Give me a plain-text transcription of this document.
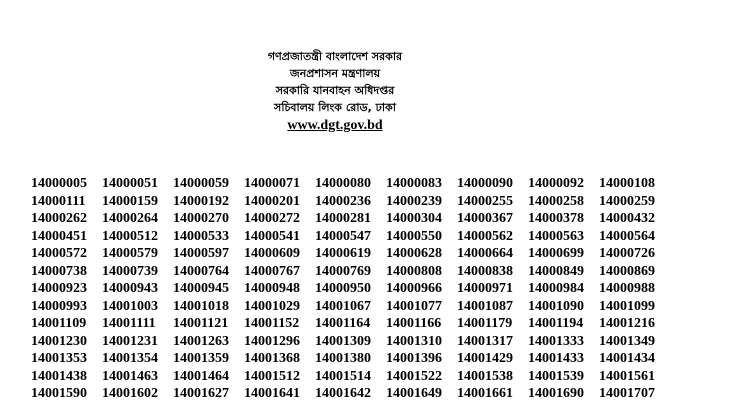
গণপ্রজাতন্ত্রী বাংলাদেশ সরকার
জনপ্রশাসন মন্ত্রণালয়
সরকারি যানবাহন অধিদপ্তর
সচিবালয় লিংক রোড, ঢাকা
www.dgt.gov.bd
14000005	14000051	14000059	14000071	14000080	14000083	14000090	14000092	14000108
14000111	14000159	14000192	14000201	14000236	14000239	14000255	14000258	14000259
14000262	14000264	14000270	14000272	14000281	14000304	14000367	14000378	14000432
14000451	14000512	14000533	14000541	14000547	14000550	14000562	14000563	14000564
14000572	14000579	14000597	14000609	14000619	14000628	14000664	14000699	14000726
14000738	14000739	14000764	14000767	14000769	14000808	14000838	14000849	14000869
14000923	14000943	14000945	14000948	14000950	14000966	14000971	14000984	14000988
14000993	14001003	14001018	14001029	14001067	14001077	14001087	14001090	14001099
14001109	14001111	14001121	14001152	14001164	14001166	14001179	14001194	14001216
14001230	14001231	14001263	14001296	14001309	14001310	14001317	14001333	14001349
14001353	14001354	14001359	14001368	14001380	14001396	14001429	14001433	14001434
14001438	14001463	14001464	14001512	14001514	14001522	14001538	14001539	14001561
14001590	14001602	14001627	14001641	14001642	14001649	14001661	14001690	14001707
